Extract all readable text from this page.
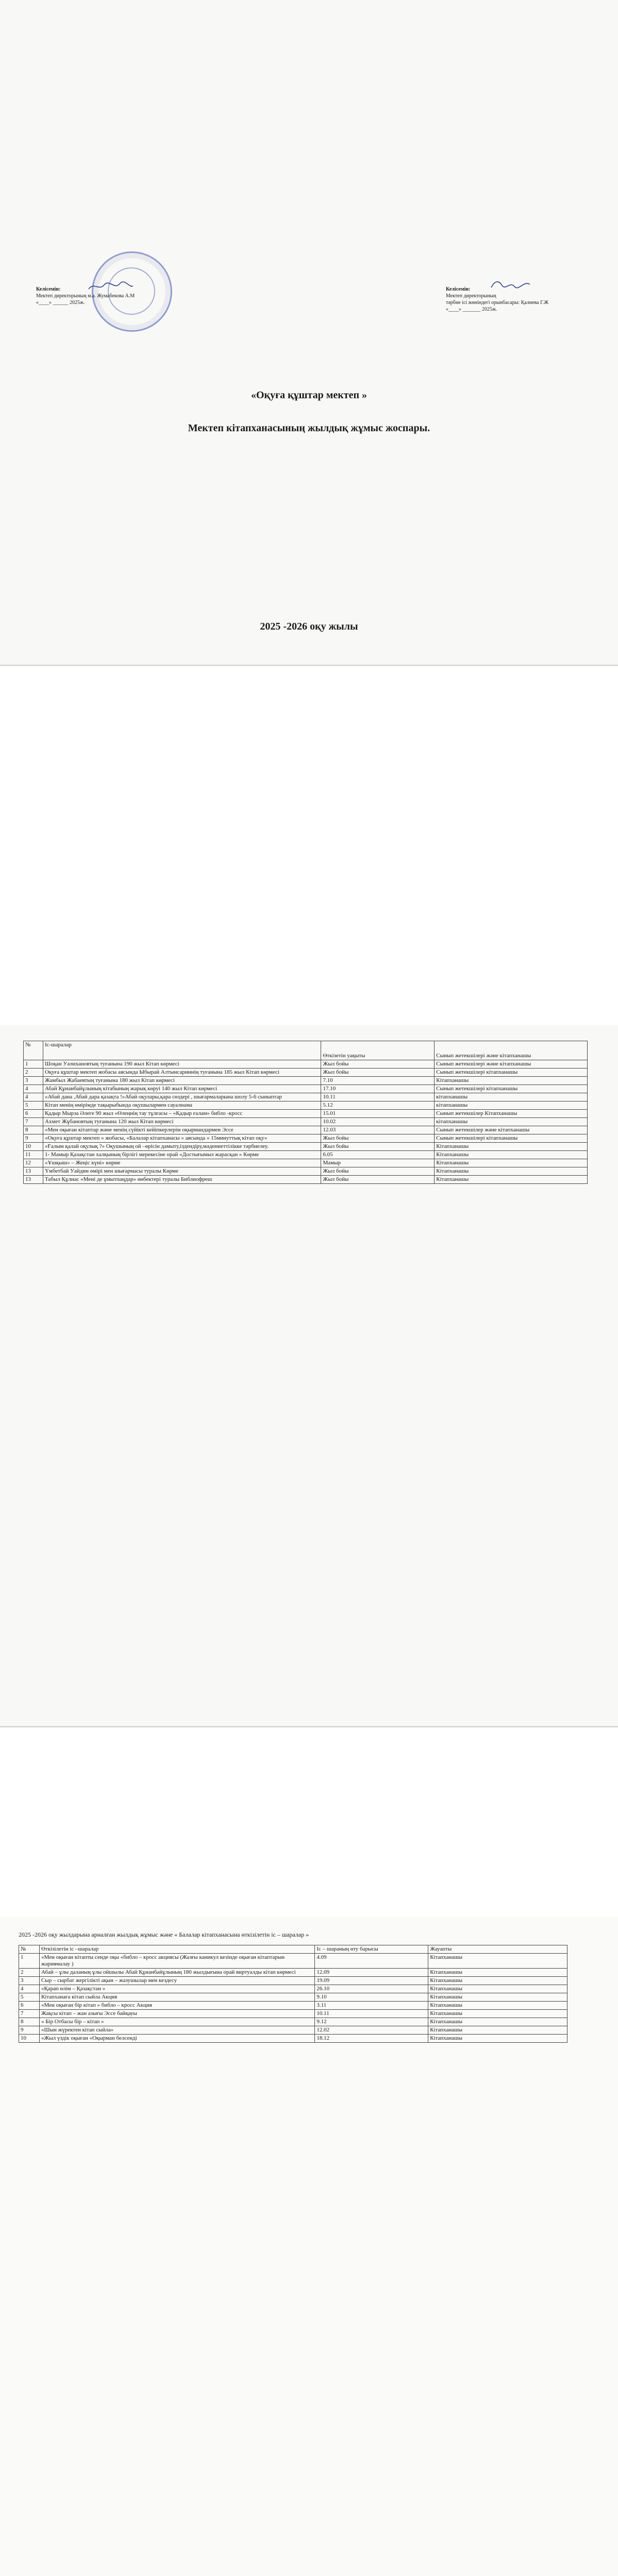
Келісемін:
Мектеп директорының м.а. Жумабекова А.М
«____» ______ 2025ж.
Келісемін:
Мектеп директорының
тәрбие ісі жөніндегі орынбасары: Қалиева Г.Ж
«____» _______ 2025ж.
«Оқуға құштар мектеп »
Мектеп кітапханасының жылдық жұмыс жоспары.
2025 -2026 оқу жылы
№	Іс-шаралар	Өткізетін уақыты	Сынып жетекшілері және кітапханашы
1	Шоқан Уәлихановтың туғанына 190 жыл Кітап көрмесі	Жыл бойы	Сынып жетекшілері және кітапханашы
2	Оқуға құштар мектеп жобасы аясында Ыбырай Алтынсариннің туғанына 185 жыл Кітап көрмесі	Жыл бойы	Сынып жетекшілері кітапханашы
3	Жамбыл Жабаевтың туғанына 180 жыл Кітап көрмесі	7.10	Кітапханашы
4	Абай Құнанбайұлының кітабының жарық көруі 140 жыл Кітап көрмесі	17.10	Сынып жетекшілері кітапханашы
4	«Абай дана ,Абай дара қазақта !»Абай оқулары,қара сөздері , шығармаларына шолу 5-6 сыныптар	10.11	кітапханашы
5	Кітап менің өмірімде тақырыбында оқушылармен сауалнама	5.12	кітапханашы
6	Қадыр Мырза Әлеге 90 жыл «Өлеңнің тау тұлғасы – «Қадыр ғалам» библо -кросс	15.01	Сынып жетекшілер Кітапханашы
7	Ахмет Жұбановтың туғанына 120 жыл Кітап көрмесі	10.02	кітапханашы
8	«Мен оқыған кітаптар және менің сүйікті кейіпкерлерім оқырмандармен Эссе	12.03	Сынып жетекшілер және кітапханашы
9	«Оқуға құштар мектеп » жобасы, «Балалар кітапханасы » аясында « 15минуттық кітап оқу»	Жыл бойы	Сынып жетекшілері кітапханашы
10	«Ғалым қалай оқулық ?» Оқушының ой –өрісін дамыту,іздендіру,мәдениеттілікке тәрбиелеу.	Жыл бойы	Кітапханашы
11	1- Мамыр Қазақстан халқының бірлігі мерекесіне орай «Достығымыз жарасқан » Көрме	6.05	Кітапханашы
12	«Ұшқыш» – Жеңіс күні» көрме	Мамыр	Кітапханашы
13	Үмбетбай Уайдин өмірі мен шығармасы туралы Көрме	Жыл бойы	Кітапханашы
13	Табыл Құлиас «Мені де ұмытпаңдар» өнбектері туралы Библиофреш	Жыл бойы	Кітапханашы
2025 -2026 оқу жылдарына арналған жылдық жұмыс және « Балалар кітапханасына өткізілетін іс – шаралар »
№	Өткізілетін іс –шаралар	Іс – шараның өту барысы	Жауапты
1	«Мен оқыған кітапты сенде оқы «библо – кросс акциясы (Жазғы каникул кезінде оқыған кітаптарын жариямалау )	4.09	Кітапханашы
2	Абай – ұлы даланың ұлы ойшылы Абай Құнанбайұлының 180 жылдығына орай виртуалды кітап көрмесі	12.09	Кітапханашы
3	Сыр – сырбат жергілікті ақын – жазушылар мен кездесу	19.09	Кітапханашы
4	«Қарап өлім – Қазақстан »	26.10	Кітапханашы
5	Кітапханаға кітап сыйла Акция	9.10	Кітапханашы
6	«Мен оқыған бір кітап » библо – кросс Акция	3.11	Кітапханашы
7	Жақсы кітап – жан азығы Эссе байқауы	10.11	Кітапханашы
8	« Бір Отбасы бір – кітап »	9.12	Кітапханашы
9	«Шын жүректен кітап сыйла»	12.02	Кітапханашы
10	«Жыл үздік оқыған «Оқырман белсенді	18.12	Кітапханашы
